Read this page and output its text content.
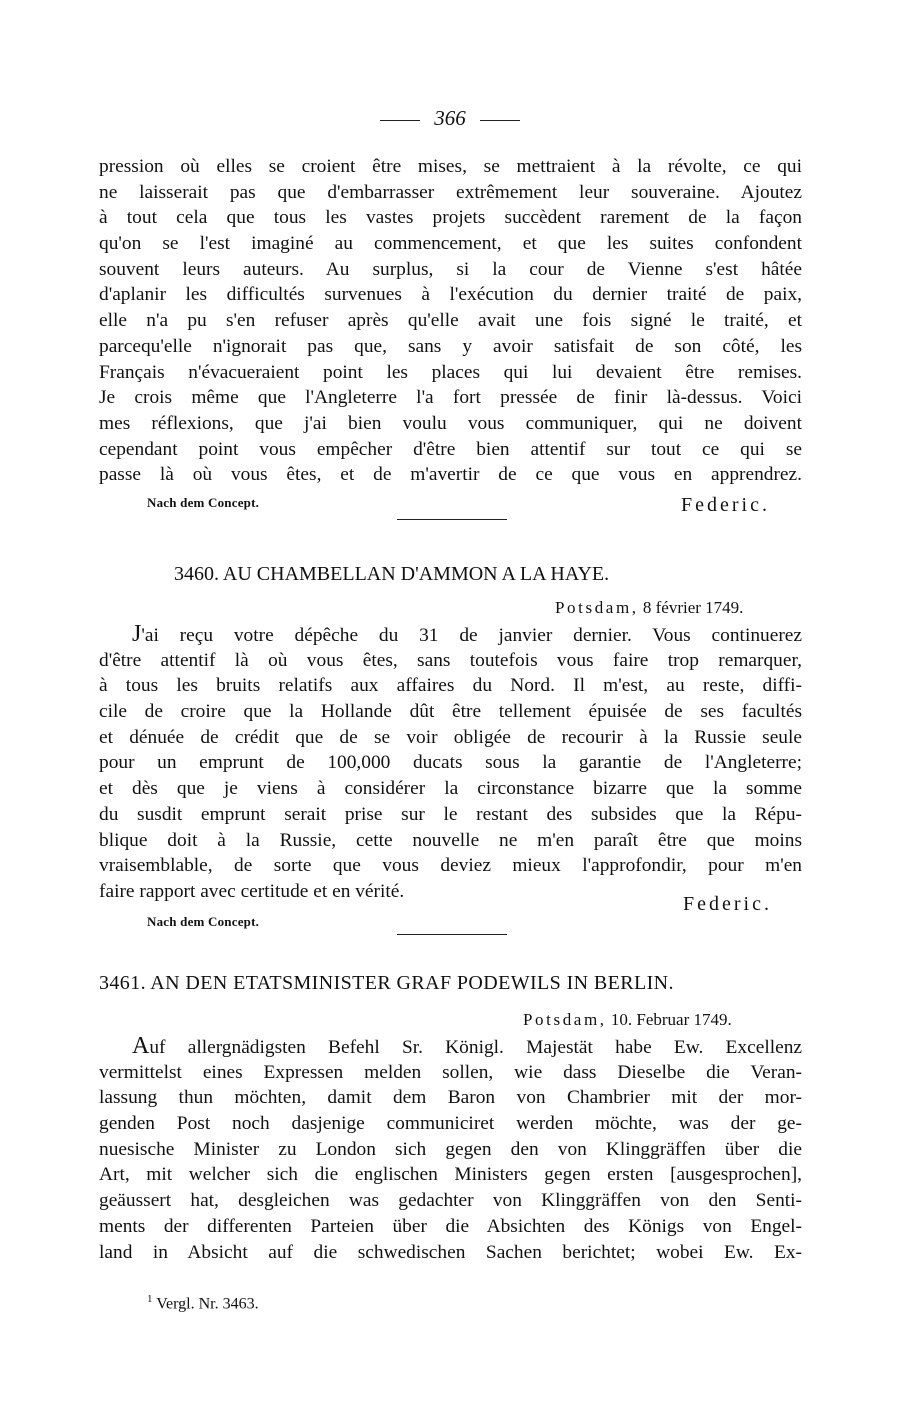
366
pression où elles se croient être mises, se mettraient à la révolte, ce qui
ne laisserait pas que d'embarrasser extrêmement leur souveraine. Ajoutez
à tout cela que tous les vastes projets succèdent rarement de la façon
qu'on se l'est imaginé au commencement, et que les suites confondent
souvent leurs auteurs. Au surplus, si la cour de Vienne s'est hâtée
d'aplanir les difficultés survenues à l'exécution du dernier traité de paix,
elle n'a pu s'en refuser après qu'elle avait une fois signé le traité, et
parcequ'elle n'ignorait pas que, sans y avoir satisfait de son côté, les
Français n'évacueraient point les places qui lui devaient être remises.
Je crois même que l'Angleterre l'a fort pressée de finir là-dessus. Voici
mes réflexions, que j'ai bien voulu vous communiquer, qui ne doivent
cependant point vous empêcher d'être bien attentif sur tout ce qui se
passe là où vous êtes, et de m'avertir de ce que vous en apprendrez.
Nach dem Concept.	Federic.
3460. AU CHAMBELLAN D'AMMON A LA HAYE.
Potsdam, 8 février 1749.
J'ai reçu votre dépêche du 31 de janvier dernier. Vous continuerez
d'être attentif là où vous êtes, sans toutefois vous faire trop remarquer,
à tous les bruits relatifs aux affaires du Nord. Il m'est, au reste, diffi-
cile de croire que la Hollande dût être tellement épuisée de ses facultés
et dénuée de crédit que de se voir obligée de recourir à la Russie seule
pour un emprunt de 100,000 ducats sous la garantie de l'Angleterre;
et dès que je viens à considérer la circonstance bizarre que la somme
du susdit emprunt serait prise sur le restant des subsides que la Répu-
blique doit à la Russie, cette nouvelle ne m'en paraît être que moins
vraisemblable, de sorte que vous deviez mieux l'approfondir, pour m'en
faire rapport avec certitude et en vérité.
Federic.
Nach dem Concept.
3461. AN DEN ETATSMINISTER GRAF PODEWILS IN BERLIN.
Potsdam, 10. Februar 1749.
Auf allergnädigsten Befehl Sr. Königl. Majestät habe Ew. Excellenz
vermittelst eines Expressen melden sollen, wie dass Dieselbe die Veran-
lassung thun möchten, damit dem Baron von Chambrier mit der mor-
genden Post noch dasjenige communiciret werden möchte, was der ge-
nuesische Minister zu London sich gegen den von Klinggräffen über die
Art, mit welcher sich die englischen Ministers gegen ersten [ausgesprochen],
geäussert hat, desgleichen was gedachter von Klinggräffen von den Senti-
ments der differenten Parteien über die Absichten des Königs von Engel-
land in Absicht auf die schwedischen Sachen berichtet; wobei Ew. Ex-
$^1$ Vergl. Nr. 3463.
